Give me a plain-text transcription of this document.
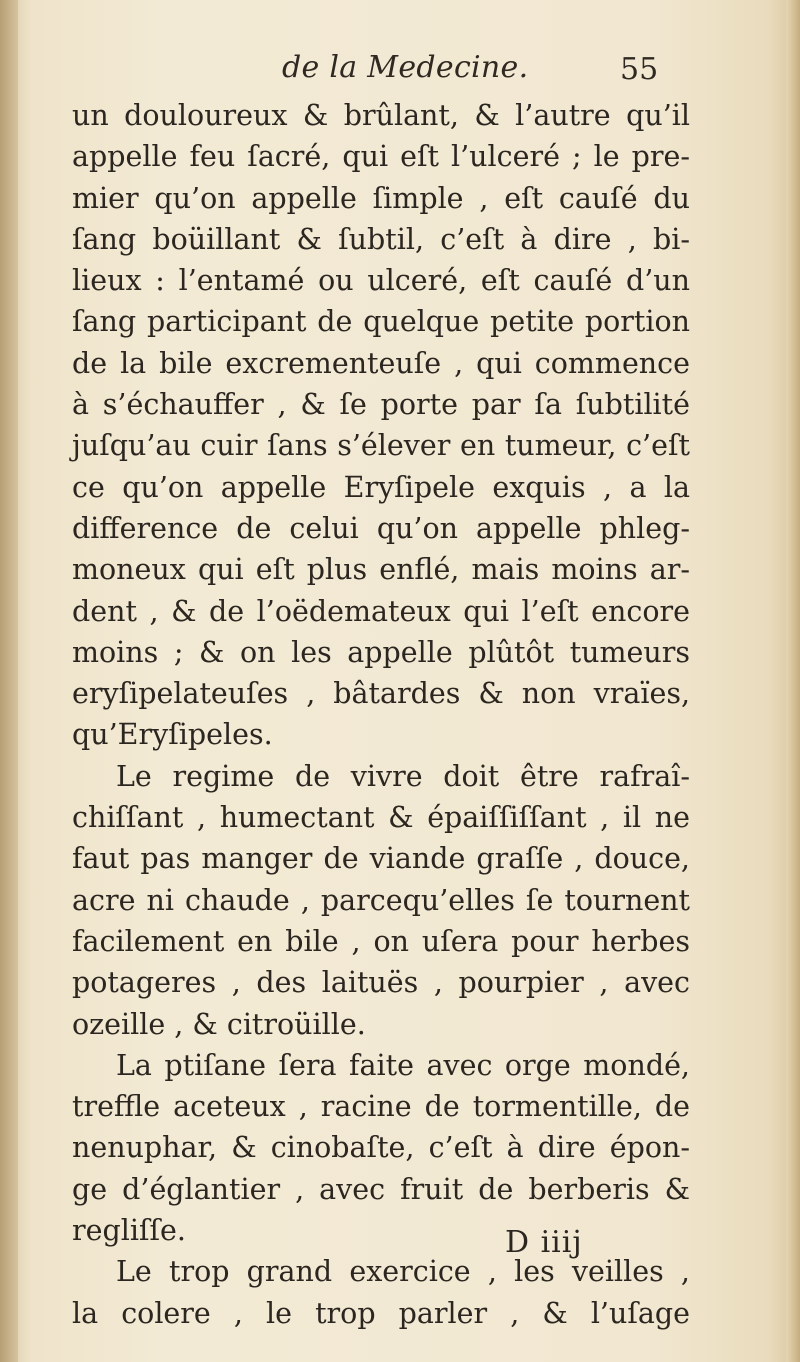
de la Medecine.	55
un douloureux & brûlant, & l’autre qu’il
appelle feu ſacré, qui eſt l’ulceré ; le pre-
mier qu’on appelle ſimple , eſt cauſé du
ſang boüillant & ſubtil, c’eſt à dire , bi-
lieux : l’entamé ou ulceré, eſt cauſé d’un
ſang participant de quelque petite portion
de la bile excrementeuſe , qui commence
à s’échauffer , & ſe porte par ſa ſubtilité
juſqu’au cuir ſans s’élever en tumeur, c’eſt
ce qu’on appelle Eryſipele exquis , a la
difference de celui qu’on appelle phleg-
moneux qui eſt plus enflé, mais moins ar-
dent , & de l’oëdemateux qui l’eſt encore
moins ; & on les appelle plûtôt tumeurs
eryſipelateuſes , bâtardes & non vraïes,
qu’Eryſipeles.
Le regime de vivre doit être rafraî-
chiſſant , humectant & épaiſſiſſant , il ne
faut pas manger de viande graſſe , douce,
acre ni chaude , parcequ’elles ſe tournent
facilement en bile , on uſera pour herbes
potageres , des laituës , pourpier , avec
ozeille , & citroüille.
La ptiſane ſera faite avec orge mondé,
treffle aceteux , racine de tormentille, de
nenuphar, & cinobaſte, c’eſt à dire épon-
ge d’églantier , avec fruit de berberis &
regliſſe.
Le trop grand exercice , les veilles ,
la colere , le trop parler , & l’uſage
D iiij
